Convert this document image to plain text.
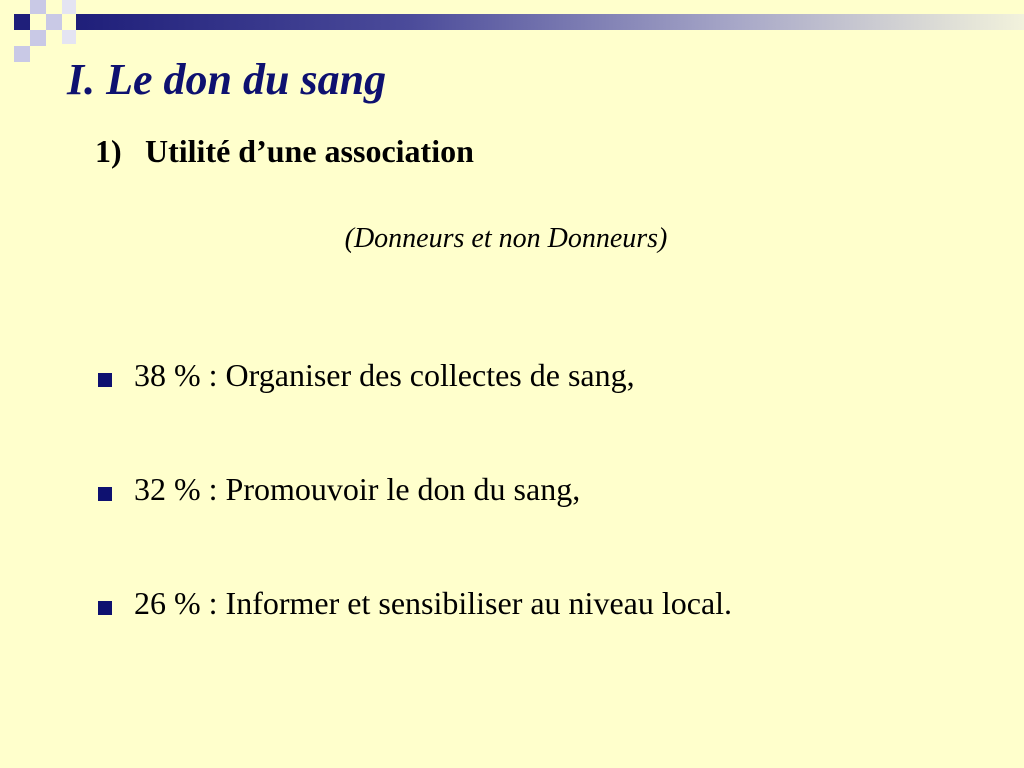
I. Le don du sang
1) Utilité d’une association
(Donneurs et non Donneurs)
38 % : Organiser des collectes de sang,
32 % : Promouvoir le don du sang,
26 % : Informer et sensibiliser au niveau local.
